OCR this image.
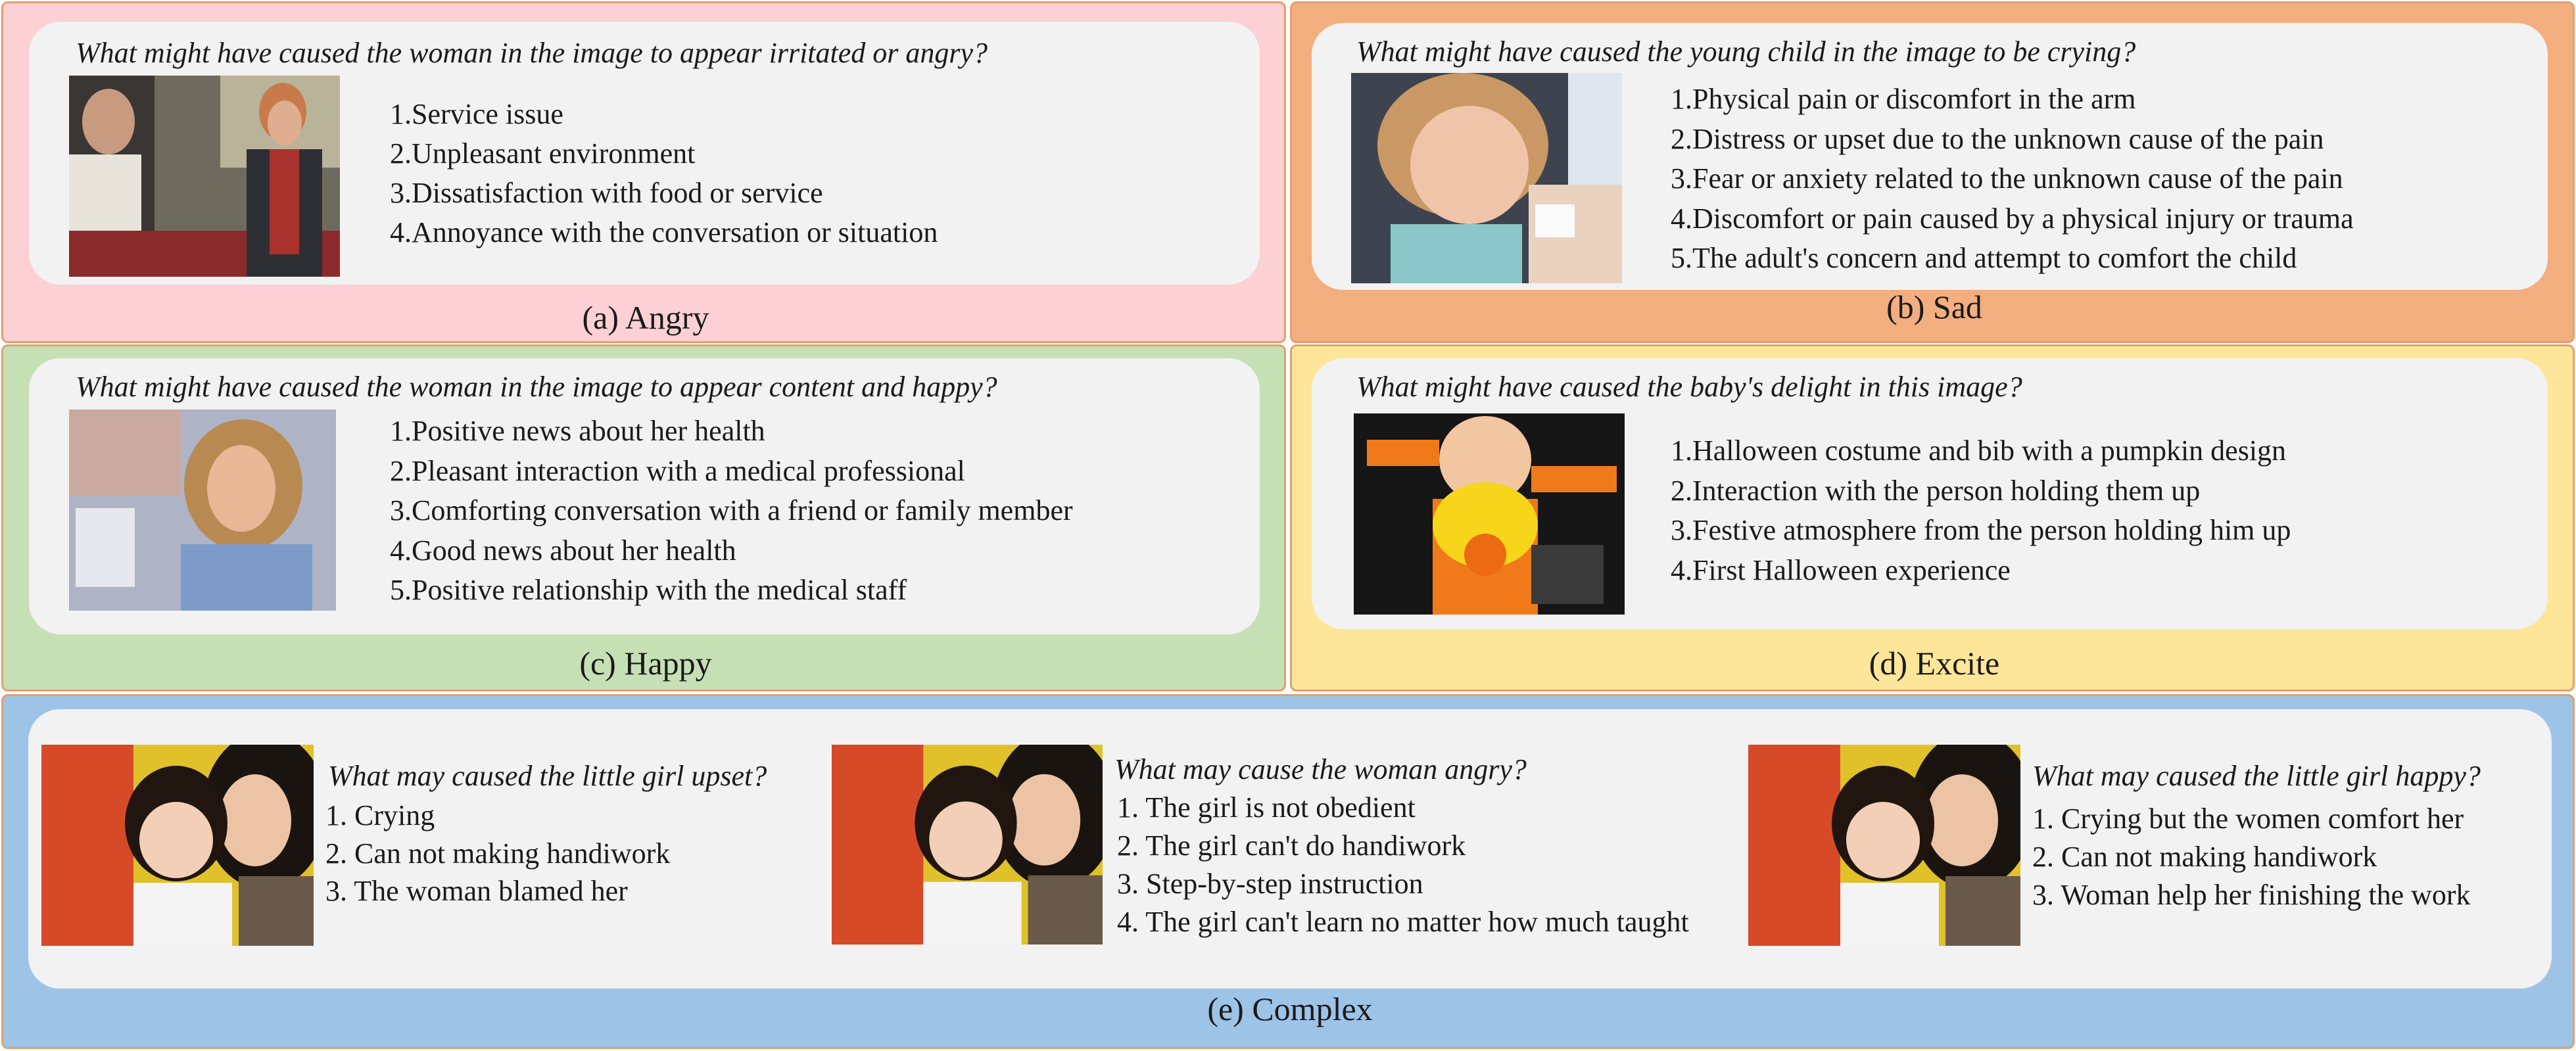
What might have caused the woman in the image to appear irritated or angry?
1.Service issue
2.Unpleasant environment
3.Dissatisfaction with food or service
4.Annoyance with the conversation or situation
(a) Angry
What might have caused the young child in the image to be crying?
1.Physical pain or discomfort in the arm
2.Distress or upset due to the unknown cause of the pain
3.Fear or anxiety related to the unknown cause of the pain
4.Discomfort or pain caused by a physical injury or trauma
5.The adult's concern and attempt to comfort the child
(b) Sad
What might have caused the woman in the image to appear content and happy?
1.Positive news about her health
2.Pleasant interaction with a medical professional
3.Comforting conversation with a friend or family member
4.Good news about her health
5.Positive relationship with the medical staff
(c) Happy
What might have caused the baby's delight in this image?
1.Halloween costume and bib with a pumpkin design
2.Interaction with the person holding them up
3.Festive atmosphere from the person holding him up
4.First Halloween experience
(d) Excite
What may caused the little girl upset?
1. Crying
2. Can not making handiwork
3. The woman blamed her
What may cause the woman angry?
1. The girl is not obedient
2. The girl can't do handiwork
3. Step-by-step instruction
4. The girl can't learn no matter how much taught
What may caused the little girl happy?
1. Crying but the women comfort her
2. Can not making handiwork
3. Woman help her finishing the work
(e) Complex
